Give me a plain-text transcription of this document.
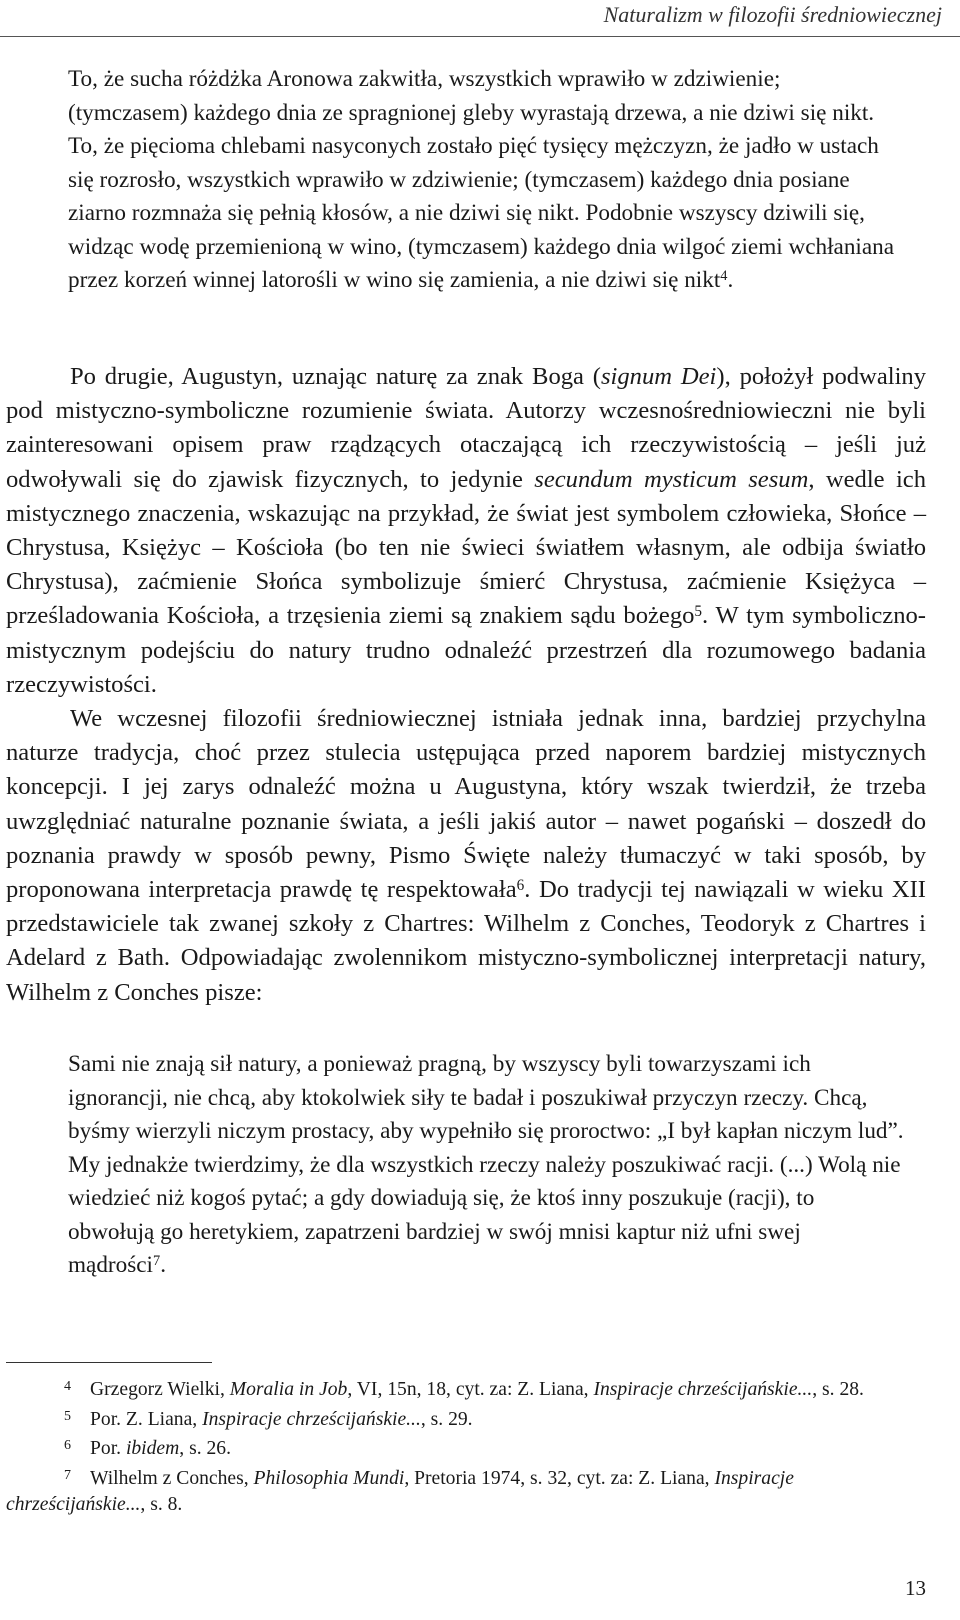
Naturalizm w filozofii średniowiecznej

To, że sucha różdżka Aronowa zakwitła, wszystkich wprawiło w zdziwienie; (tymczasem) każdego dnia ze spragnionej gleby wyrastają drzewa, a nie dziwi się nikt. To, że pięcioma chlebami nasyconych zostało pięć tysięcy mężczyzn, że jadło w ustach się rozrosło, wszystkich wprawiło w zdziwienie; (tymczasem) każdego dnia posiane ziarno rozmnaża się pełnią kłosów, a nie dziwi się nikt. Podobnie wszyscy dziwili się, widząc wodę przemienioną w wino, (tymczasem) każdego dnia wilgoć ziemi wchłaniana przez korzeń winnej latorośli w wino się zamienia, a nie dziwi się nikt$^4$.

Po drugie, Augustyn, uznając naturę za znak Boga (signum Dei), położył podwaliny pod mistyczno-symboliczne rozumienie świata. Autorzy wczesnośredniowieczni nie byli zainteresowani opisem praw rządzących otaczającą ich rzeczywistością – jeśli już odwoływali się do zjawisk fizycznych, to jedynie secundum mysticum sesum, wedle ich mistycznego znaczenia, wskazując na przykład, że świat jest symbolem człowieka, Słońce – Chrystusa, Księżyc – Kościoła (bo ten nie świeci światłem własnym, ale odbija światło Chrystusa), zaćmienie Słońca symbolizuje śmierć Chrystusa, zaćmienie Księżyca – prześladowania Kościoła, a trzęsienia ziemi są znakiem sądu bożego$^5$. W tym symboliczno-mistycznym podejściu do natury trudno odnaleźć przestrzeń dla rozumowego badania rzeczywistości.

We wczesnej filozofii średniowiecznej istniała jednak inna, bardziej przychylna naturze tradycja, choć przez stulecia ustępująca przed naporem bardziej mistycznych koncepcji. I jej zarys odnaleźć można u Augustyna, który wszak twierdził, że trzeba uwzględniać naturalne poznanie świata, a jeśli jakiś autor – nawet pogański – doszedł do poznania prawdy w sposób pewny, Pismo Święte należy tłumaczyć w taki sposób, by proponowana interpretacja prawdę tę respektowała$^6$. Do tradycji tej nawiązali w wieku XII przedstawiciele tak zwanej szkoły z Chartres: Wilhelm z Conches, Teodoryk z Chartres i Adelard z Bath. Odpowiadając zwolennikom mistyczno-symbolicznej interpretacji natury, Wilhelm z Conches pisze:

Sami nie znają sił natury, a ponieważ pragną, by wszyscy byli towarzyszami ich ignorancji, nie chcą, aby ktokolwiek siły te badał i poszukiwał przyczyn rzeczy. Chcą, byśmy wierzyli niczym prostacy, aby wypełniło się proroctwo: „I był kapłan niczym lud”. My jednakże twierdzimy, że dla wszystkich rzeczy należy poszukiwać racji. (...) Wolą nie wiedzieć niż kogoś pytać; a gdy dowiadują się, że ktoś inny poszukuje (racji), to obwołują go heretykiem, zapatrzeni bardziej w swój mnisi kaptur niż ufni swej mądrości$^7$.

4 Grzegorz Wielki, Moralia in Job, VI, 15n, 18, cyt. za: Z. Liana, Inspiracje chrześcijańskie..., s. 28.

5 Por. Z. Liana, Inspiracje chrześcijańskie..., s. 29.

6 Por. ibidem, s. 26.

7 Wilhelm z Conches, Philosophia Mundi, Pretoria 1974, s. 32, cyt. za: Z. Liana, Inspiracje chrześcijańskie..., s. 8.

13
